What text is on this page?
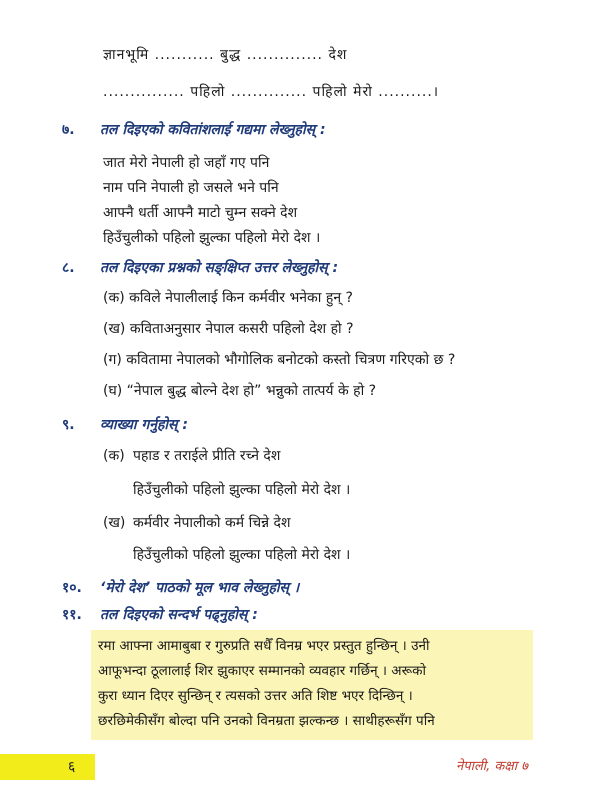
ज्ञानभूमि ........... बुद्ध .............. देश
............... पहिलो .............. पहिलो मेरो ..........।
७. तल दिइएको कवितांशलाई गद्यमा लेख्नुहोस् :
जात मेरो नेपाली हो जहाँ गए पनि
नाम पनि नेपाली हो जसले भने पनि
आफ्नै धर्ती आफ्नै माटो चुम्न सक्ने देश
हिउँचुलीको पहिलो झुल्का पहिलो मेरो देश ।
८. तल दिइएका प्रश्नको सङ्क्षिप्त उत्तर लेख्नुहोस् :
(क) कविले नेपालीलाई किन कर्मवीर भनेका हुन् ?
(ख) कविताअनुसार नेपाल कसरी पहिलो देश हो ?
(ग) कवितामा नेपालको भौगोलिक बनोटको कस्तो चित्रण गरिएको छ ?
(घ) “नेपाल बुद्ध बोल्ने देश हो” भन्नुको तात्पर्य के हो ?
९. व्याख्या गर्नुहोस् :
(क) पहाड र तराईले प्रीति रच्ने देश
हिउँचुलीको पहिलो झुल्का पहिलो मेरो देश ।
(ख) कर्मवीर नेपालीको कर्म चिन्ने देश
हिउँचुलीको पहिलो झुल्का पहिलो मेरो देश ।
१०. ‘मेरो देश’ पाठको मूल भाव लेख्नुहोस् ।
११. तल दिइएको सन्दर्भ पढ्नुहोस् :
रमा आफ्ना आमाबुबा र गुरुप्रति सधैँ विनम्र भएर प्रस्तुत हुन्छिन् । उनी
आफूभन्दा ठूलालाई शिर झुकाएर सम्मानको व्यवहार गर्छिन् । अरूको
कुरा ध्यान दिएर सुन्छिन् र त्यसको उत्तर अति शिष्ट भएर दिन्छिन् ।
छरछिमेकीसँग बोल्दा पनि उनको विनम्रता झल्कन्छ । साथीहरूसँग पनि
६	नेपाली, कक्षा ७
